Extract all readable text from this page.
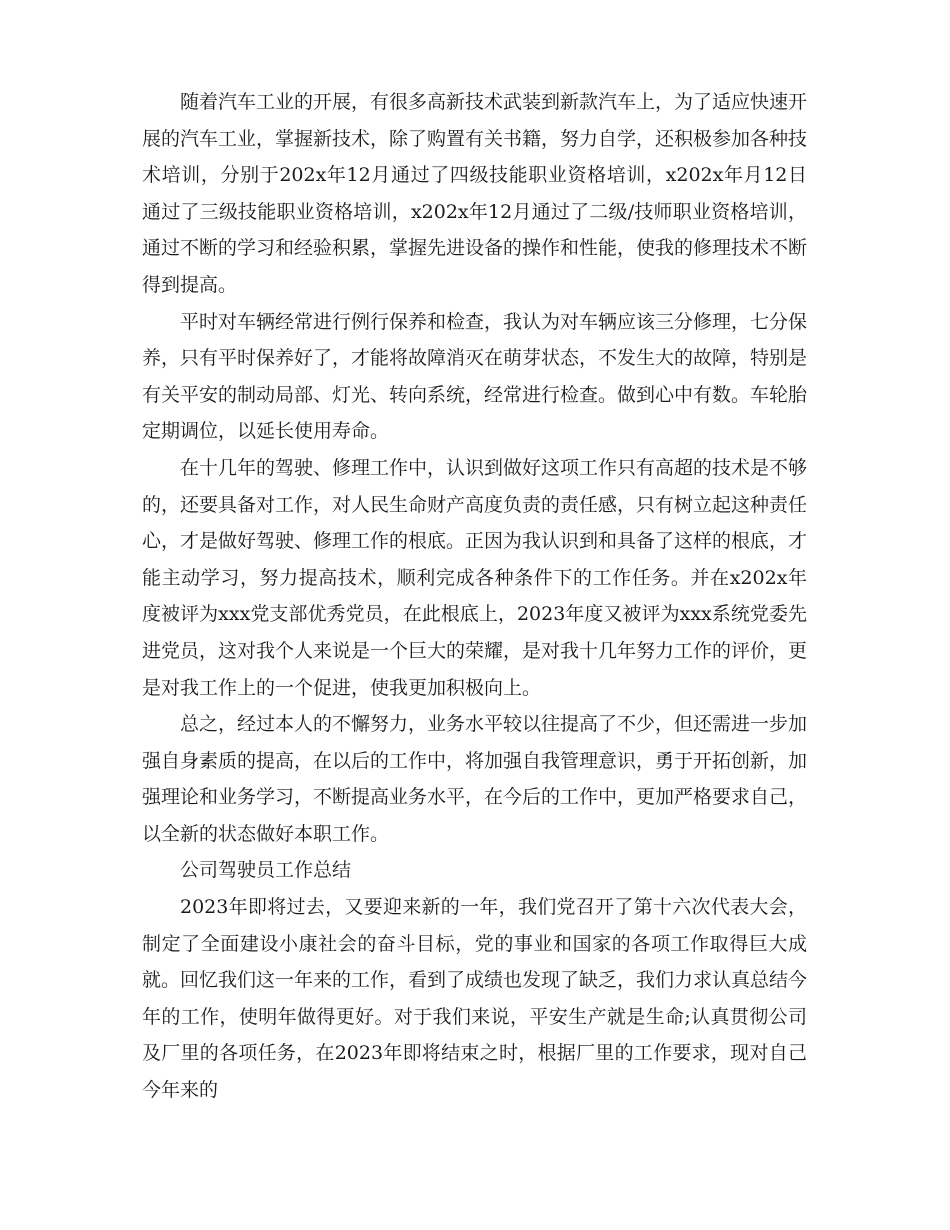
随着汽车工业的开展，有很多高新技术武装到新款汽车上，为了适应快速开展的汽车工业，掌握新技术，除了购置有关书籍，努力自学，还积极参加各种技术培训，分别于202x年12月通过了四级技能职业资格培训，x202x年月12日通过了三级技能职业资格培训，x202x年12月通过了二级/技师职业资格培训，通过不断的学习和经验积累，掌握先进设备的操作和性能，使我的修理技术不断得到提高。

平时对车辆经常进行例行保养和检查，我认为对车辆应该三分修理，七分保养，只有平时保养好了，才能将故障消灭在萌芽状态，不发生大的故障，特别是有关平安的制动局部、灯光、转向系统，经常进行检查。做到心中有数。车轮胎定期调位，以延长使用寿命。

在十几年的驾驶、修理工作中，认识到做好这项工作只有高超的技术是不够的，还要具备对工作，对人民生命财产高度负责的责任感，只有树立起这种责任心，才是做好驾驶、修理工作的根底。正因为我认识到和具备了这样的根底，才能主动学习，努力提高技术，顺利完成各种条件下的工作任务。并在x202x年度被评为xxx党支部优秀党员，在此根底上，2023年度又被评为xxx系统党委先进党员，这对我个人来说是一个巨大的荣耀，是对我十几年努力工作的评价，更是对我工作上的一个促进，使我更加积极向上。

总之，经过本人的不懈努力，业务水平较以往提高了不少，但还需进一步加强自身素质的提高，在以后的工作中，将加强自我管理意识，勇于开拓创新，加强理论和业务学习，不断提高业务水平，在今后的工作中，更加严格要求自己，以全新的状态做好本职工作。

公司驾驶员工作总结

2023年即将过去，又要迎来新的一年，我们党召开了第十六次代表大会，制定了全面建设小康社会的奋斗目标，党的事业和国家的各项工作取得巨大成就。回忆我们这一年来的工作，看到了成绩也发现了缺乏，我们力求认真总结今年的工作，使明年做得更好。对于我们来说，平安生产就是生命;认真贯彻公司及厂里的各项任务，在2023年即将结束之时，根据厂里的工作要求，现对自己今年来的
